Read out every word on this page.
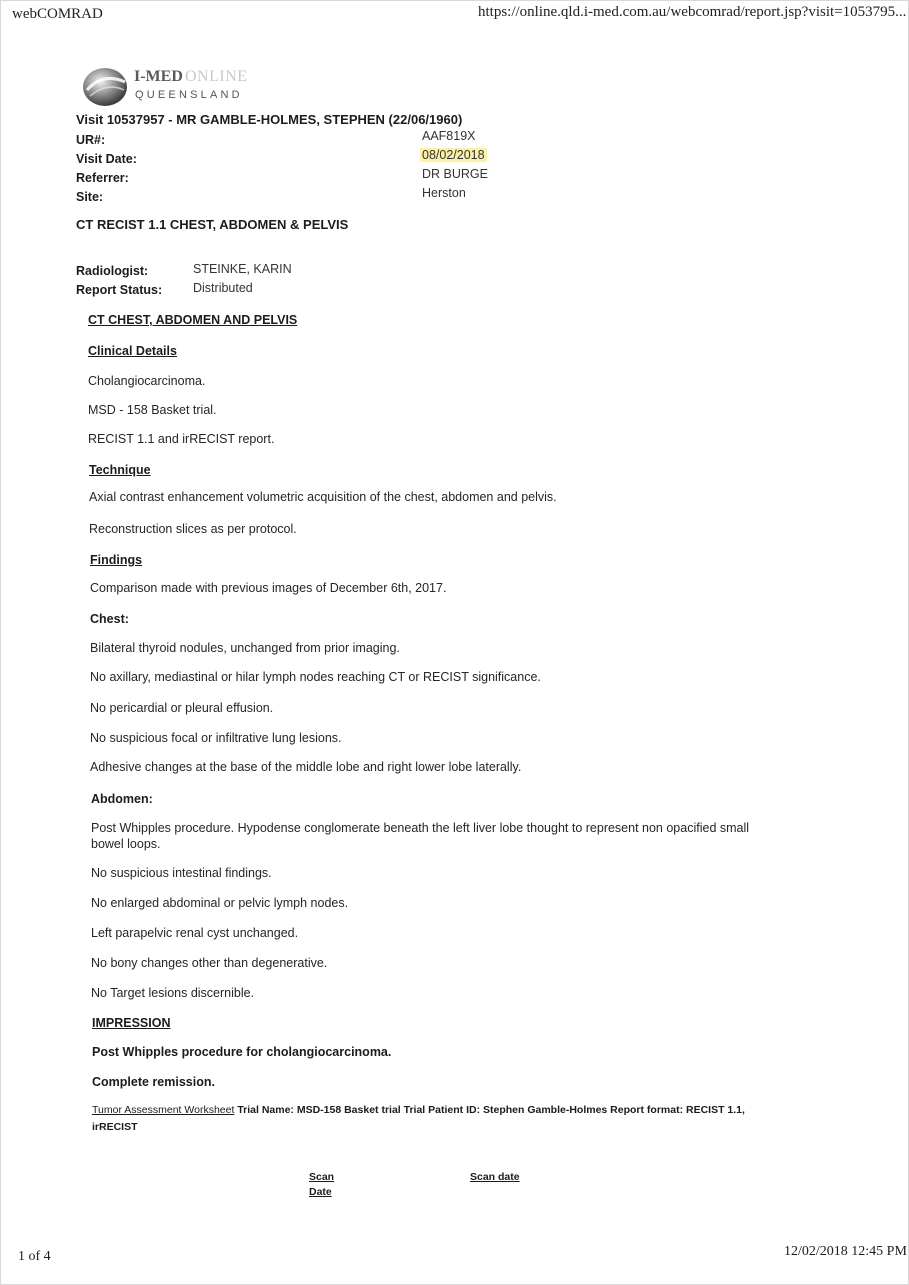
webCOMRAD	https://online.qld.i-med.com.au/webcomrad/report.jsp?visit=1053795...
I-MED ONLINE
QUEENSLAND
Visit 10537957 - MR GAMBLE-HOLMES, STEPHEN (22/06/1960)
UR#:	AAF819X
Visit Date:	08/02/2018
Referrer:	DR BURGE
Site:	Herston
CT RECIST 1.1 CHEST, ABDOMEN & PELVIS
Radiologist:	STEINKE, KARIN
Report Status: Distributed
CT CHEST, ABDOMEN AND PELVIS
Clinical Details
Cholangiocarcinoma.
MSD - 158 Basket trial.
RECIST 1.1 and irRECIST report.
Technique
Axial contrast enhancement volumetric acquisition of the chest, abdomen and pelvis.
Reconstruction slices as per protocol.
Findings
Comparison made with previous images of December 6th, 2017.
Chest:
Bilateral thyroid nodules, unchanged from prior imaging.
No axillary, mediastinal or hilar lymph nodes reaching CT or RECIST significance.
No pericardial or pleural effusion.
No suspicious focal or infiltrative lung lesions.
Adhesive changes at the base of the middle lobe and right lower lobe laterally.
Abdomen:
Post Whipples procedure. Hypodense conglomerate beneath the left liver lobe thought to represent non opacified small
bowel loops.
No suspicious intestinal findings.
No enlarged abdominal or pelvic lymph nodes.
Left parapelvic renal cyst unchanged.
No bony changes other than degenerative.
No Target lesions discernible.
IMPRESSION
Post Whipples procedure for cholangiocarcinoma.
Complete remission.
Tumor Assessment Worksheet Trial Name: MSD-158 Basket trial Trial Patient ID: Stephen Gamble-Holmes Report format: RECIST 1.1,
irRECIST
Scan
Date
Scan date
1 of 4	12/02/2018 12:45 PM
